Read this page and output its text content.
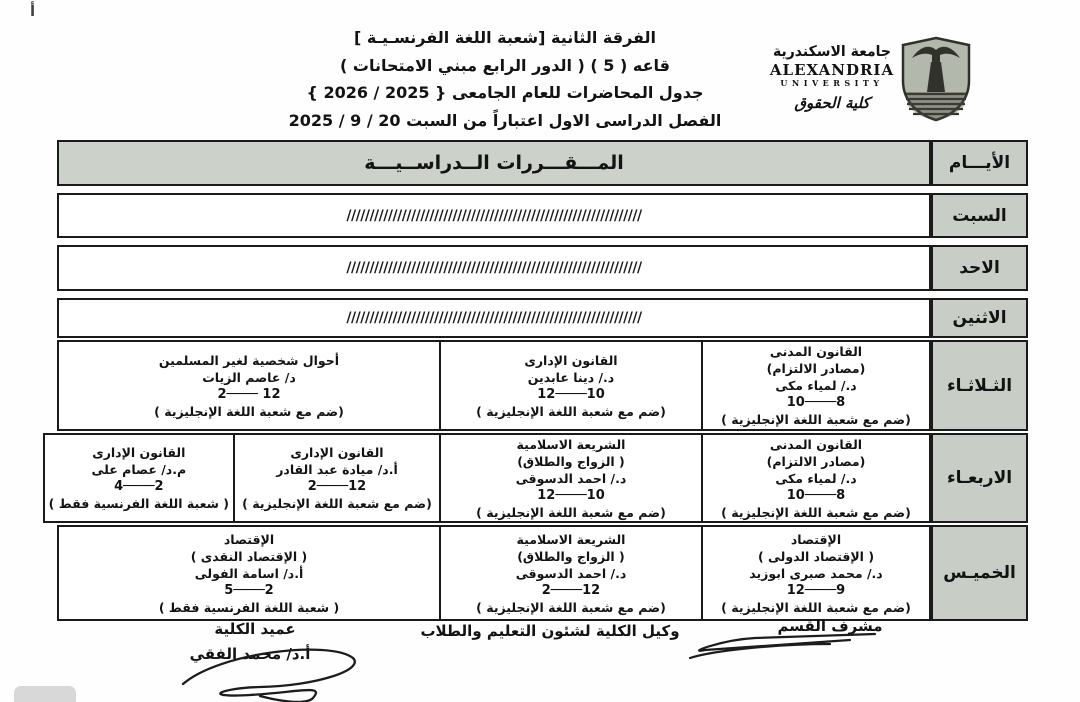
أ
الفرقة الثانية [شعبة اللغة الفرنسـيـة ]
قاعه ( 5 ) ( الدور الرابع مبني الامتحانات )
جدول المحاضرات للعام الجامعى { 2025 / 2026 }
الفصل الدراسى الاول اعتباراً من السبت 20 / 9 / 2025
جامعة الاسكندرية
ALEXANDRIA
UNIVERSITY
كلية الحقوق
الأيـــام
المـــقـــررات الــدراســيـــة
السبت
////////////////////////////////////////////////////////////////
الاحد
////////////////////////////////////////////////////////////////
الاثنين
////////////////////////////////////////////////////////////////
الثـلاثـاء
القانون المدنى
(مصادر الالتزام)
د./ لمياء مكى
10────8
(ضم مع شعبة اللغة الإنجليزية )
القانون الإدارى
د./ دينا عابدين
12────10
(ضم مع شعبة اللغة الإنجليزية )
أحوال شخصية لغير المسلمين
د/ عاصم الزيات
2──── 12
(ضم مع شعبة اللغة الإنجليزية )
الاربعـاء
القانون المدنى
(مصادر الالتزام)
د./ لمياء مكى
10────8
(ضم مع شعبة اللغة الإنجليزية )
الشريعة الاسلامية
( الزواج والطلاق)
د./ احمد الدسوقى
12────10
(ضم مع شعبة اللغة الإنجليزية )
القانون الإدارى
أ.د/ ميادة عبد القادر
2────12
(ضم مع شعبة اللغة الإنجليزية )
القانون الإدارى
م.د/ عصام على
4────2
( شعبة اللغة الفرنسية فقط )
الخميـس
الإقتصاد
( الإقتصاد الدولى )
د./ محمد صبرى ابوزيد
12────9
(ضم مع شعبة اللغة الإنجليزية )
الشريعة الاسلامية
( الزواج والطلاق)
د./ احمد الدسوقى
2────12
(ضم مع شعبة اللغة الإنجليزية )
الإقتصاد
( الإقتصاد النقدى )
أ.د/ اسامة الفولى
5────2
( شعبة اللغة الفرنسية فقط )
عميد الكلية
أ.د/ محمد الفقي
وكيل الكلية لشئون التعليم والطلاب	مشرف القسم
